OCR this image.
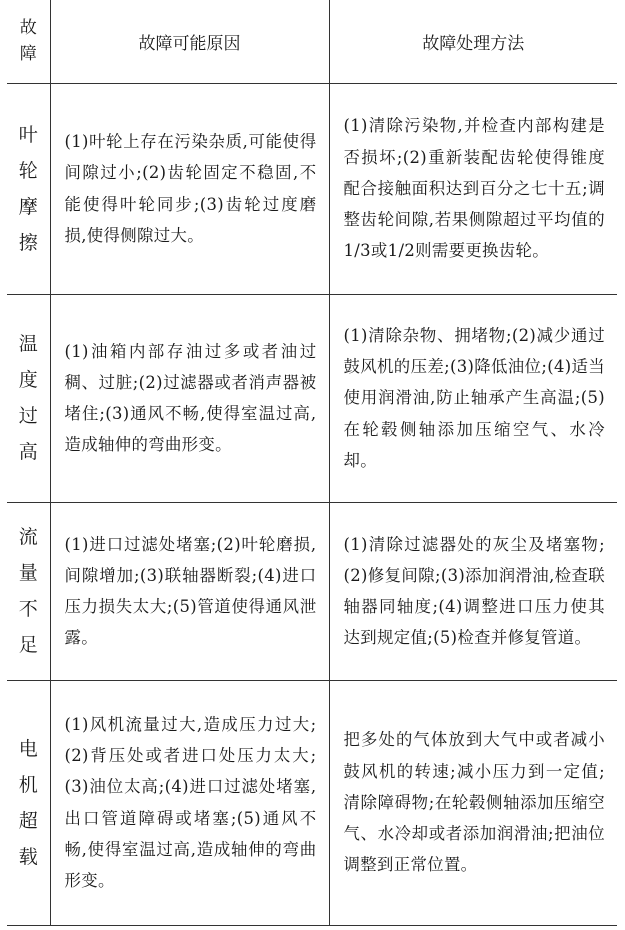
故
障	故障可能原因	故障处理方法

叶
轮
摩
擦	(1)叶轮上存在污染杂质,可能使得间隙过小;(2)齿轮固定不稳固,不能使得叶轮同步;(3)齿轮过度磨损,使得侧隙过大。	(1)清除污染物,并检查内部构建是否损坏;(2)重新装配齿轮使得锥度配合接触面积达到百分之七十五;调整齿轮间隙,若果侧隙超过平均值的1/3或1/2则需要更换齿轮。

温
度
过
高	(1)油箱内部存油过多或者油过稠、过脏;(2)过滤器或者消声器被堵住;(3)通风不畅,使得室温过高,造成轴伸的弯曲形变。	(1)清除杂物、拥堵物;(2)减少通过鼓风机的压差;(3)降低油位;(4)适当使用润滑油,防止轴承产生高温;(5)在轮毂侧轴添加压缩空气、水冷却。

流
量
不
足	(1)进口过滤处堵塞;(2)叶轮磨损,间隙增加;(3)联轴器断裂;(4)进口压力损失太大;(5)管道使得通风泄露。	(1)清除过滤器处的灰尘及堵塞物;(2)修复间隙;(3)添加润滑油,检查联轴器同轴度;(4)调整进口压力使其达到规定值;(5)检查并修复管道。

电
机
超
载	(1)风机流量过大,造成压力过大;(2)背压处或者进口处压力太大;(3)油位太高;(4)进口过滤处堵塞,出口管道障碍或堵塞;(5)通风不畅,使得室温过高,造成轴伸的弯曲形变。	把多处的气体放到大气中或者减小鼓风机的转速;减小压力到一定值;清除障碍物;在轮毂侧轴添加压缩空气、水冷却或者添加润滑油;把油位调整到正常位置。
